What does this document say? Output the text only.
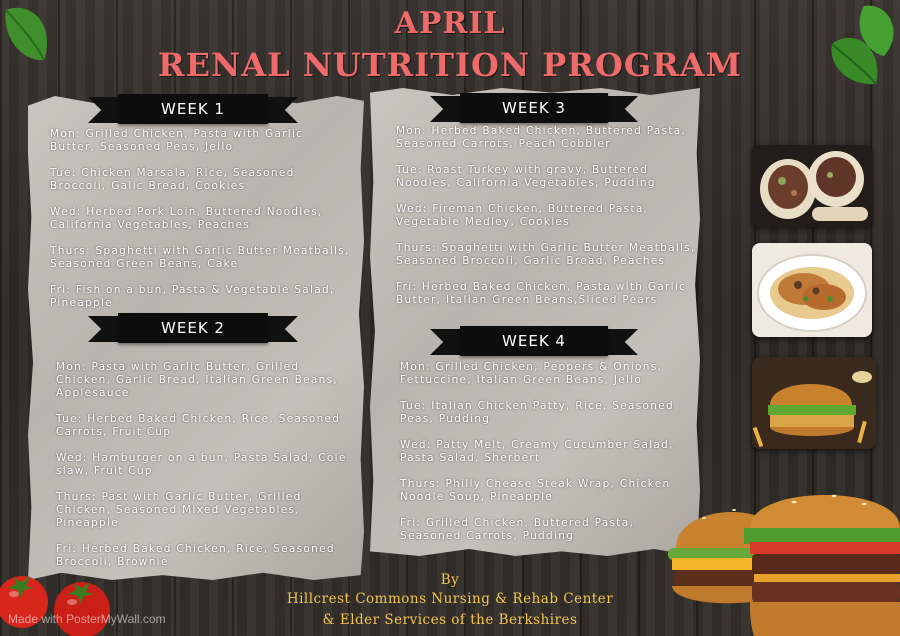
APRIL
RENAL NUTRITION PROGRAM
WEEK 1

Mon: Grilled Chicken, Pasta with Garlic Butter, Seasoned Peas, Jello

Tue: Chicken Marsala, Rice, Seasoned Broccoli, Galic Bread, Cookies

Wed: Herbed Pork Loin, Buttered Noodles, California Vegetables, Peaches

Thurs: Spaghetti with Garlic Butter Meatballs, Seasoned Green Beans, Cake

Fri: Fish on a bun, Pasta & Vegetable Salad, Pineapple

WEEK 2

Mon: Pasta with Garlic Butter, Grilled Chicken, Garlic Bread, Italian Green Beans, Applesauce

Tue: Herbed Baked Chicken, Rice, Seasoned Carrots, Fruit Cup

Wed: Hamburger on a bun, Pasta Salad, Cole slaw, Fruit Cup

Thurs: Past with Garlic Butter, Grilled Chicken, Seasoned Mixed Vegetables, Pineapple

Fri: Herbed Baked Chicken, Rice, Seasoned Broccoli, Brownie

WEEK 3

Mon: Herbed Baked Chicken, Buttered Pasta, Seasoned Carrots, Peach Cobbler

Tue: Roast Turkey with gravy, Buttered Noodles, California Vegetables, Pudding

Wed: Fireman Chicken, Buttered Pasta, Vegetable Medley, Cookies

Thurs: Spaghetti with Garlic Butter Meatballs, Seasoned Broccoli, Garlic Bread, Peaches

Fri: Herbed Baked Chicken, Pasta with Garlic Butter, Italian Green Beans,Sliced Pears

WEEK 4

Mon: Grilled Chicken, Peppers & Onions, Fettuccine, Italian Green Beans, Jello

Tue: Italian Chicken Patty, Rice, Seasoned Peas, Pudding

Wed: Patty Melt, Creamy Cucumber Salad, Pasta Salad, Sherbert

Thurs: Philly Chease Steak Wrap, Chicken Noodle Soup, Pineapple

Fri: Grilled Chicken, Buttered Pasta, Seasoned Carrots, Pudding

By
Hillcrest Commons Nursing & Rehab Center
& Elder Services of the Berkshires
Made with PosterMyWall.com
